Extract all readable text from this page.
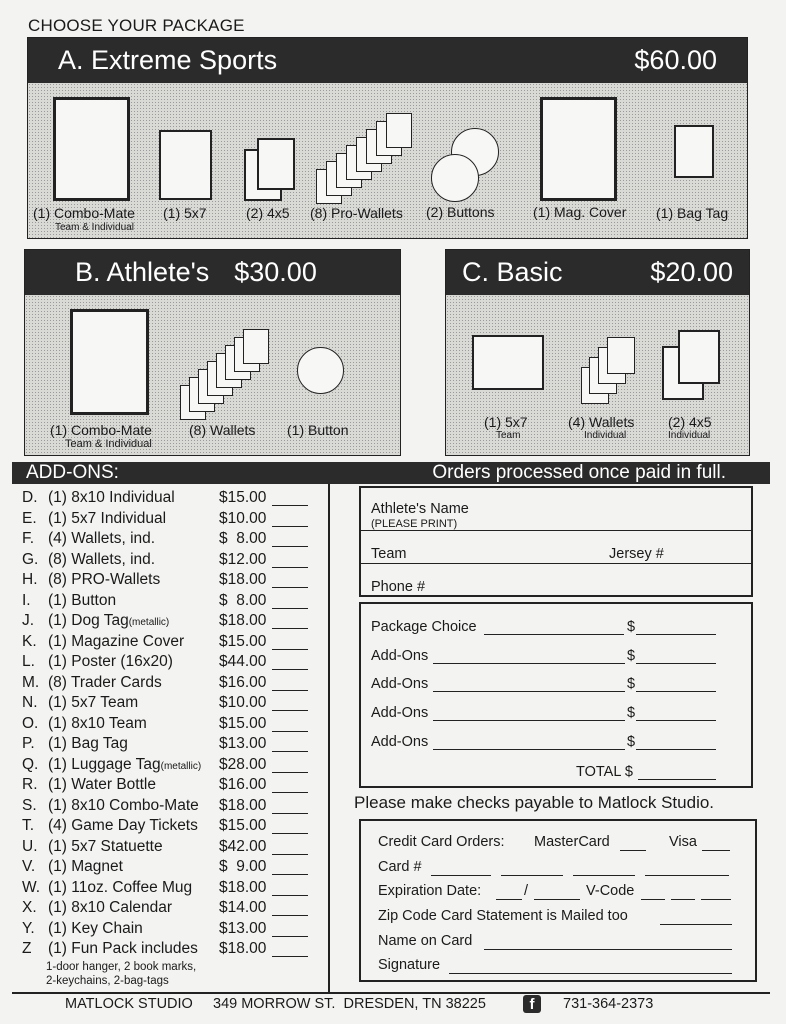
CHOOSE YOUR PACKAGE
A. Extreme Sports	$60.00
(1) Combo-Mate
Team & Individual
(1) 5x7	(2) 4x5 (8) Pro-Wallets (2) Buttons	(1) Mag. Cover (1) Bag Tag
B. Athlete's $30.00
(1) Combo-Mate
Team & Individual
(8) Wallets (1) Button
C. Basic	$20.00
(1) 5x7
Team
(4) Wallets
Individual
(2) 4x5
Individual
ADD-ONS:	Orders processed once paid in full.
D. (1) 8x10 Individual	$15.00
E. (1) 5x7 Individual	$10.00
F. (4) Wallets, ind.	$  8.00
G. (8) Wallets, ind.	$12.00
H. (8) PRO-Wallets	$18.00
I. (1) Button	$  8.00
J. (1) Dog Tag(metallic)	$18.00
K. (1) Magazine Cover $15.00
L. (1) Poster (16x20)	$44.00
M. (8) Trader Cards	$16.00
N. (1) 5x7 Team	$10.00
O. (1) 8x10 Team	$15.00
P. (1) Bag Tag	$13.00
Q. (1) Luggage Tag(metallic) $28.00
R. (1) Water Bottle	$16.00
S. (1) 8x10 Combo-Mate $18.00
T. (4) Game Day Tickets $15.00
U. (1) 5x7 Statuette	$42.00
V. (1) Magnet	$  9.00
W. (1) 11oz. Coffee Mug $18.00
X. (1) 8x10 Calendar	$14.00
Y. (1) Key Chain	$13.00
Z (1) Fun Pack includes $18.00
1-door hanger, 2 book marks,
2-keychains, 2-bag-tags
Athlete's Name
(PLEASE PRINT)
Team	Jersey #
Phone #
Package Choice	$
Add-Ons	$
Add-Ons	$
Add-Ons	$
Add-Ons	$
TOTAL $
Please make checks payable to Matlock Studio.
Credit Card Orders: MasterCard	Visa
Card #
Expiration Date:	/	V-Code
Zip Code Card Statement is Mailed too
Name on Card
Signature
MATLOCK STUDIO 349 MORROW ST.  DRESDEN, TN 38225	f	731-364-2373
